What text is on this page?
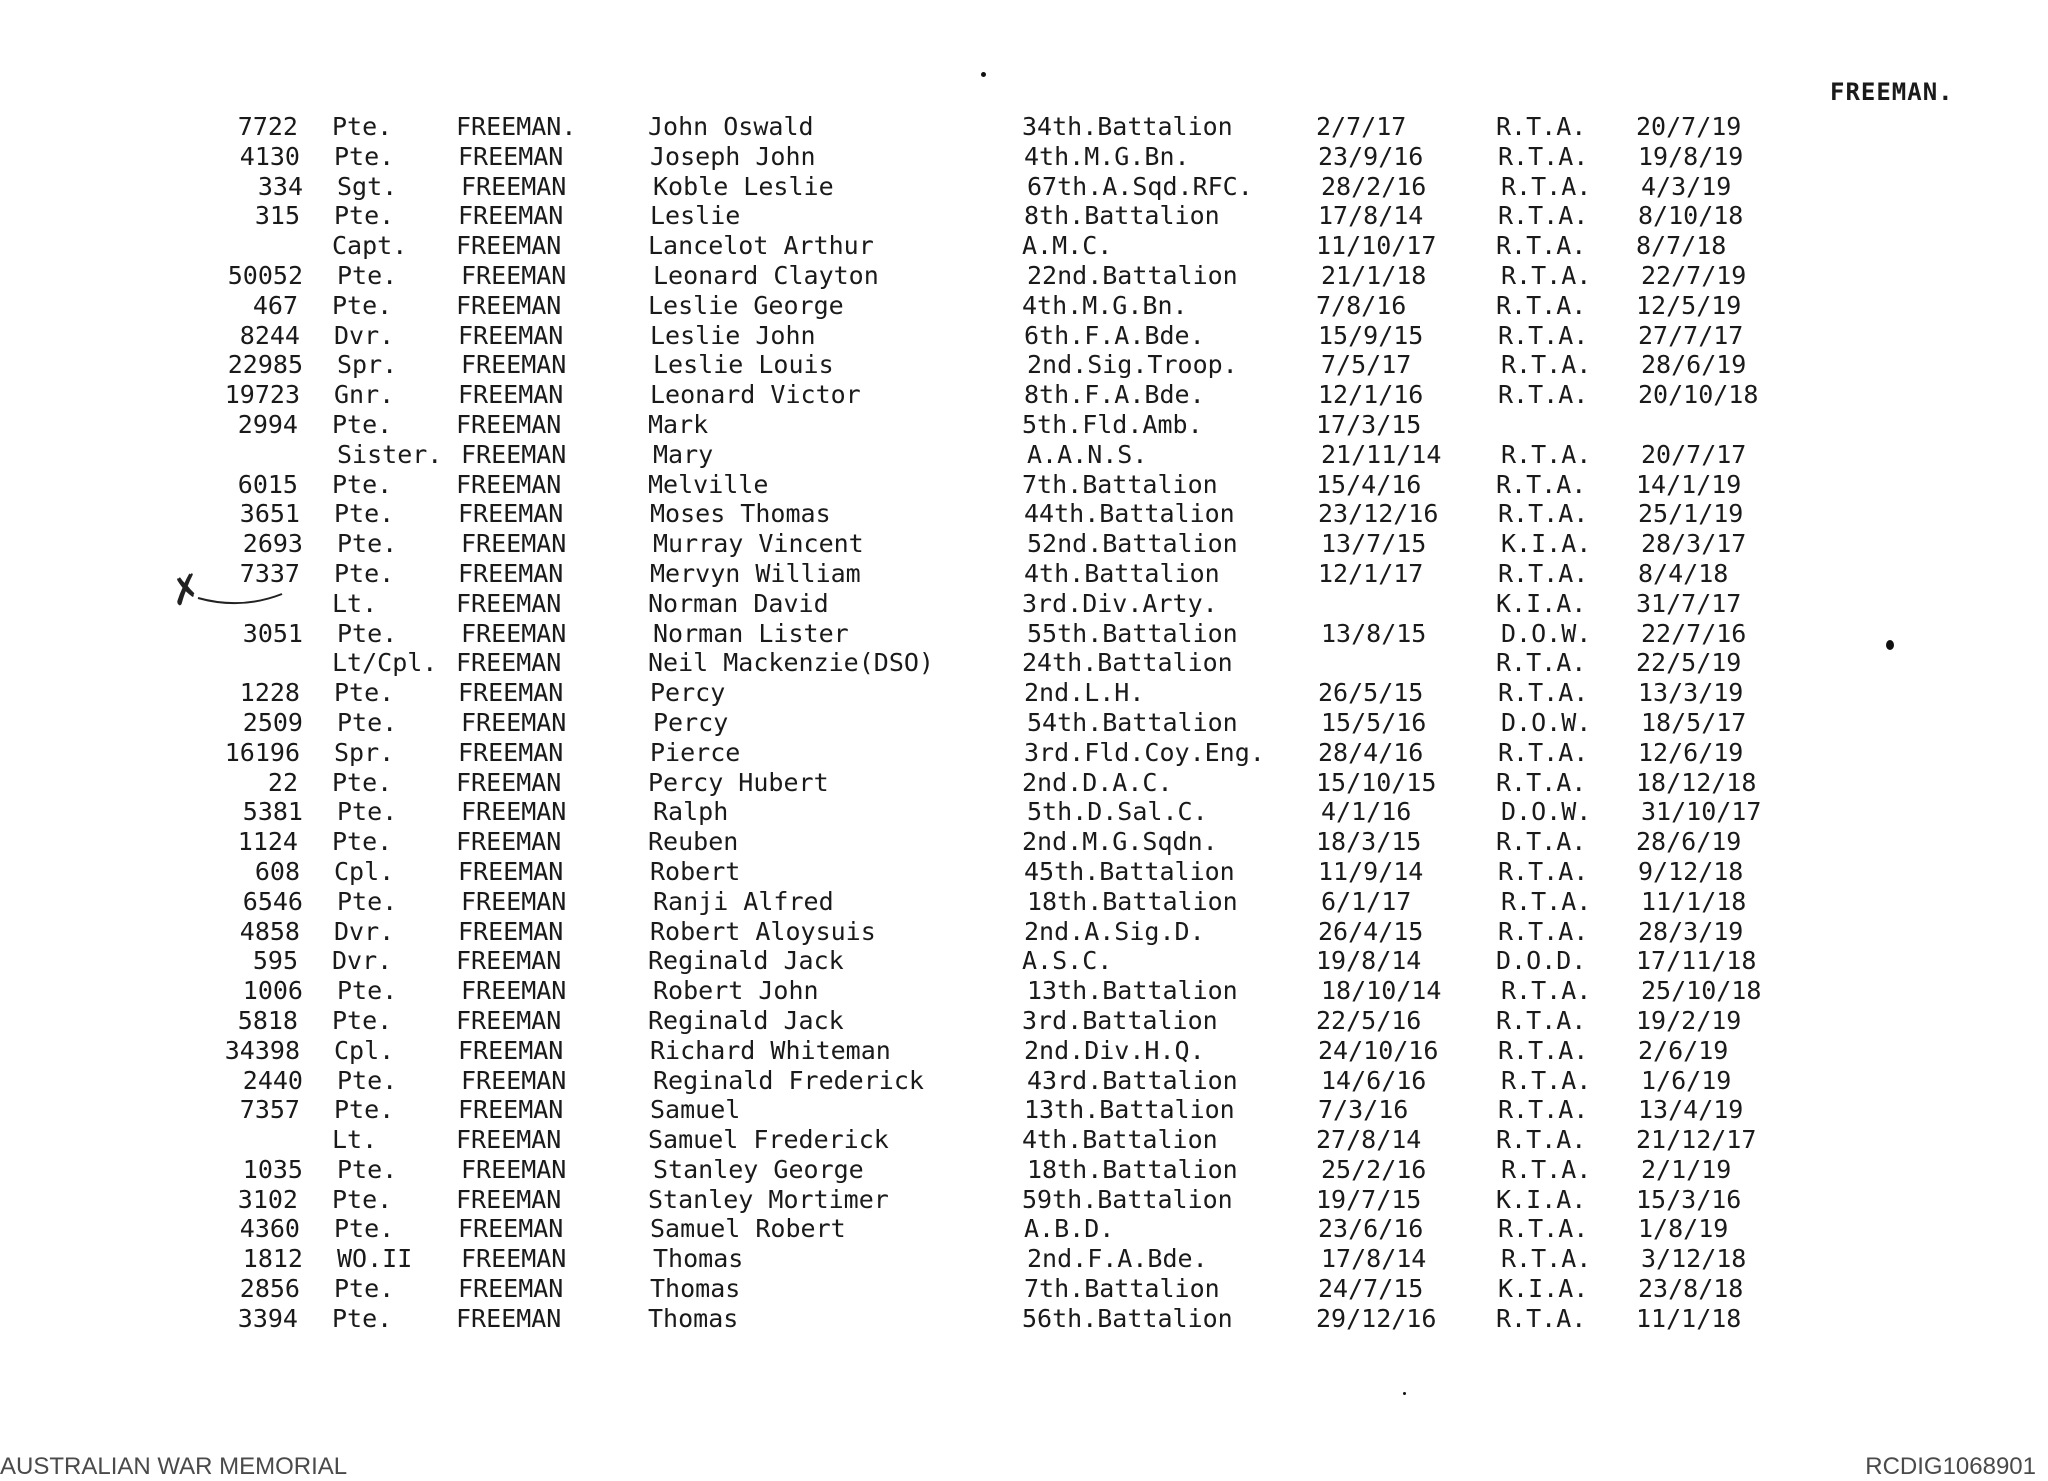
FREEMAN.
✗
7722 Pte.	FREEMAN.	John Oswald	34th.Battalion	2/7/17	R.T.A. 20/7/19
4130 Pte.	FREEMAN	Joseph John	4th.M.G.Bn.	23/9/16	R.T.A. 19/8/19
334 Sgt.	FREEMAN	Koble Leslie	67th.A.Sqd.RFC.	28/2/16	R.T.A. 4/3/19
315 Pte.	FREEMAN	Leslie	8th.Battalion	17/8/14	R.T.A. 8/10/18
Capt. FREEMAN	Lancelot Arthur	A.M.C.	11/10/17 R.T.A. 8/7/18
50052 Pte.	FREEMAN	Leonard Clayton	22nd.Battalion	21/1/18	R.T.A. 22/7/19
467 Pte.	FREEMAN	Leslie George	4th.M.G.Bn.	7/8/16	R.T.A. 12/5/19
8244 Dvr.	FREEMAN	Leslie John	6th.F.A.Bde.	15/9/15	R.T.A. 27/7/17
22985 Spr.	FREEMAN	Leslie Louis	2nd.Sig.Troop.	7/5/17	R.T.A. 28/6/19
19723 Gnr.	FREEMAN	Leonard Victor	8th.F.A.Bde.	12/1/16	R.T.A. 20/10/18
2994 Pte.	FREEMAN	Mark	5th.Fld.Amb.	17/3/15
Sister. FREEMAN	Mary	A.A.N.S.	21/11/14 R.T.A. 20/7/17
6015 Pte.	FREEMAN	Melville	7th.Battalion	15/4/16	R.T.A. 14/1/19
3651 Pte.	FREEMAN	Moses Thomas	44th.Battalion	23/12/16 R.T.A. 25/1/19
2693 Pte.	FREEMAN	Murray Vincent	52nd.Battalion	13/7/15	K.I.A. 28/3/17
7337 Pte.	FREEMAN	Mervyn William	4th.Battalion	12/1/17	R.T.A. 8/4/18
Lt.	FREEMAN	Norman David	3rd.Div.Arty.	K.I.A. 31/7/17
3051 Pte.	FREEMAN	Norman Lister	55th.Battalion	13/8/15	D.O.W. 22/7/16
Lt/Cpl. FREEMAN	Neil Mackenzie(DSO)	24th.Battalion	R.T.A. 22/5/19
1228 Pte.	FREEMAN	Percy	2nd.L.H.	26/5/15	R.T.A. 13/3/19
2509 Pte.	FREEMAN	Percy	54th.Battalion	15/5/16	D.O.W. 18/5/17
16196 Spr.	FREEMAN	Pierce	3rd.Fld.Coy.Eng. 28/4/16	R.T.A. 12/6/19
22 Pte.	FREEMAN	Percy Hubert	2nd.D.A.C.	15/10/15 R.T.A. 18/12/18
5381 Pte.	FREEMAN	Ralph	5th.D.Sal.C.	4/1/16	D.O.W. 31/10/17
1124 Pte.	FREEMAN	Reuben	2nd.M.G.Sqdn.	18/3/15	R.T.A. 28/6/19
608 Cpl.	FREEMAN	Robert	45th.Battalion	11/9/14	R.T.A. 9/12/18
6546 Pte.	FREEMAN	Ranji Alfred	18th.Battalion	6/1/17	R.T.A. 11/1/18
4858 Dvr.	FREEMAN	Robert Aloysuis	2nd.A.Sig.D.	26/4/15	R.T.A. 28/3/19
595 Dvr.	FREEMAN	Reginald Jack	A.S.C.	19/8/14	D.O.D. 17/11/18
1006 Pte.	FREEMAN	Robert John	13th.Battalion	18/10/14 R.T.A. 25/10/18
5818 Pte.	FREEMAN	Reginald Jack	3rd.Battalion	22/5/16	R.T.A. 19/2/19
34398 Cpl.	FREEMAN	Richard Whiteman	2nd.Div.H.Q.	24/10/16 R.T.A. 2/6/19
2440 Pte.	FREEMAN	Reginald Frederick	43rd.Battalion	14/6/16	R.T.A. 1/6/19
7357 Pte.	FREEMAN	Samuel	13th.Battalion	7/3/16	R.T.A. 13/4/19
Lt.	FREEMAN	Samuel Frederick	4th.Battalion	27/8/14	R.T.A. 21/12/17
1035 Pte.	FREEMAN	Stanley George	18th.Battalion	25/2/16	R.T.A. 2/1/19
3102 Pte.	FREEMAN	Stanley Mortimer	59th.Battalion	19/7/15	K.I.A. 15/3/16
4360 Pte.	FREEMAN	Samuel Robert	A.B.D.	23/6/16	R.T.A. 1/8/19
1812 WO.II FREEMAN	Thomas	2nd.F.A.Bde.	17/8/14	R.T.A. 3/12/18
2856 Pte.	FREEMAN	Thomas	7th.Battalion	24/7/15	K.I.A. 23/8/18
3394 Pte.	FREEMAN	Thomas	56th.Battalion	29/12/16 R.T.A. 11/1/18
AUSTRALIAN WAR MEMORIAL	RCDIG1068901
